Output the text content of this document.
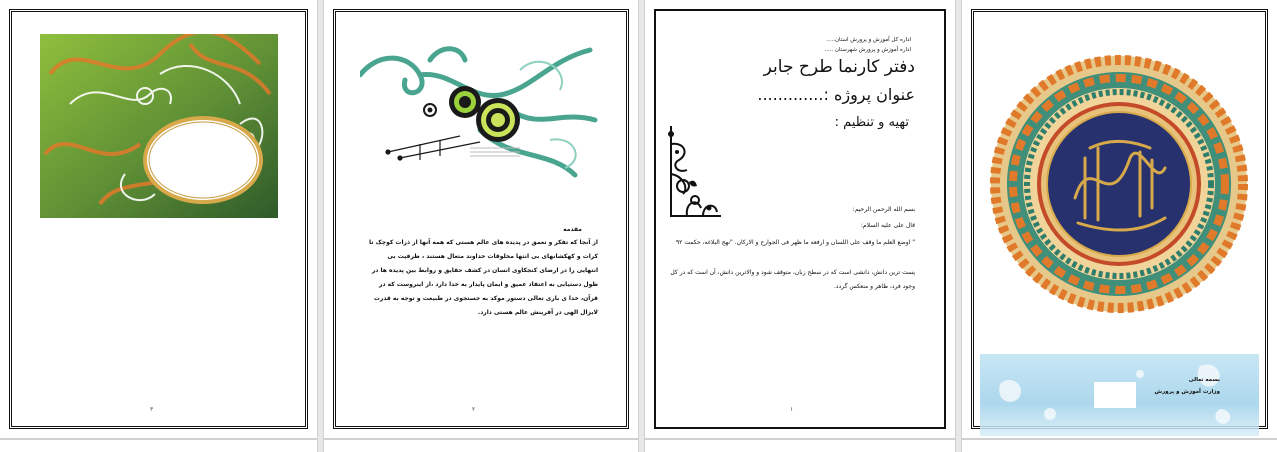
۳
مقدمه
از آنجا که تفکر و تعمق در پدیده های عالم هستی که همه آنها از ذرات کوچک تا کرات و کهکشانهای بی انتها مخلوقات خداوند متعال هستند ، ظرفیت بی انتهایی را در ارضای کنجکاوی انسان در کشف حقایق و روابط بین پدیده ها در طول دستیابی به اعتقاد عمیق و ایمان پایدار به خدا دارد ،از اینروست که در قرآن، خدا ی باری تعالی دستور موکد به جستجوی در طبیعت و توجه به قدرت لایزال الهی در آفرینش عالم هستی دارد.
۲
اداره کل آموزش و پرورش استان.....
اداره آموزش و پرورش شهرستان .....
دفتر کارنما طرح جابر
عنوان پروژه :.............
تهیه و تنظیم :
بسم الله الرحمن الرحیم:
قال علی علیه السلام:
" اوضع العلم ما وقف علی اللسان و ارفعه ما ظهر فی الجوارح و الارکان. "نهج البلاغه، حکمت ۹۲
پست ترین دانش، دانشی است که در سطح زبان، متوقف شود و والاترین دانش، آن است که در کل وجود فرد، ظاهر و منعکس گردد.
۱
بسمه تعالی
وزارت آموزش و پرورش
